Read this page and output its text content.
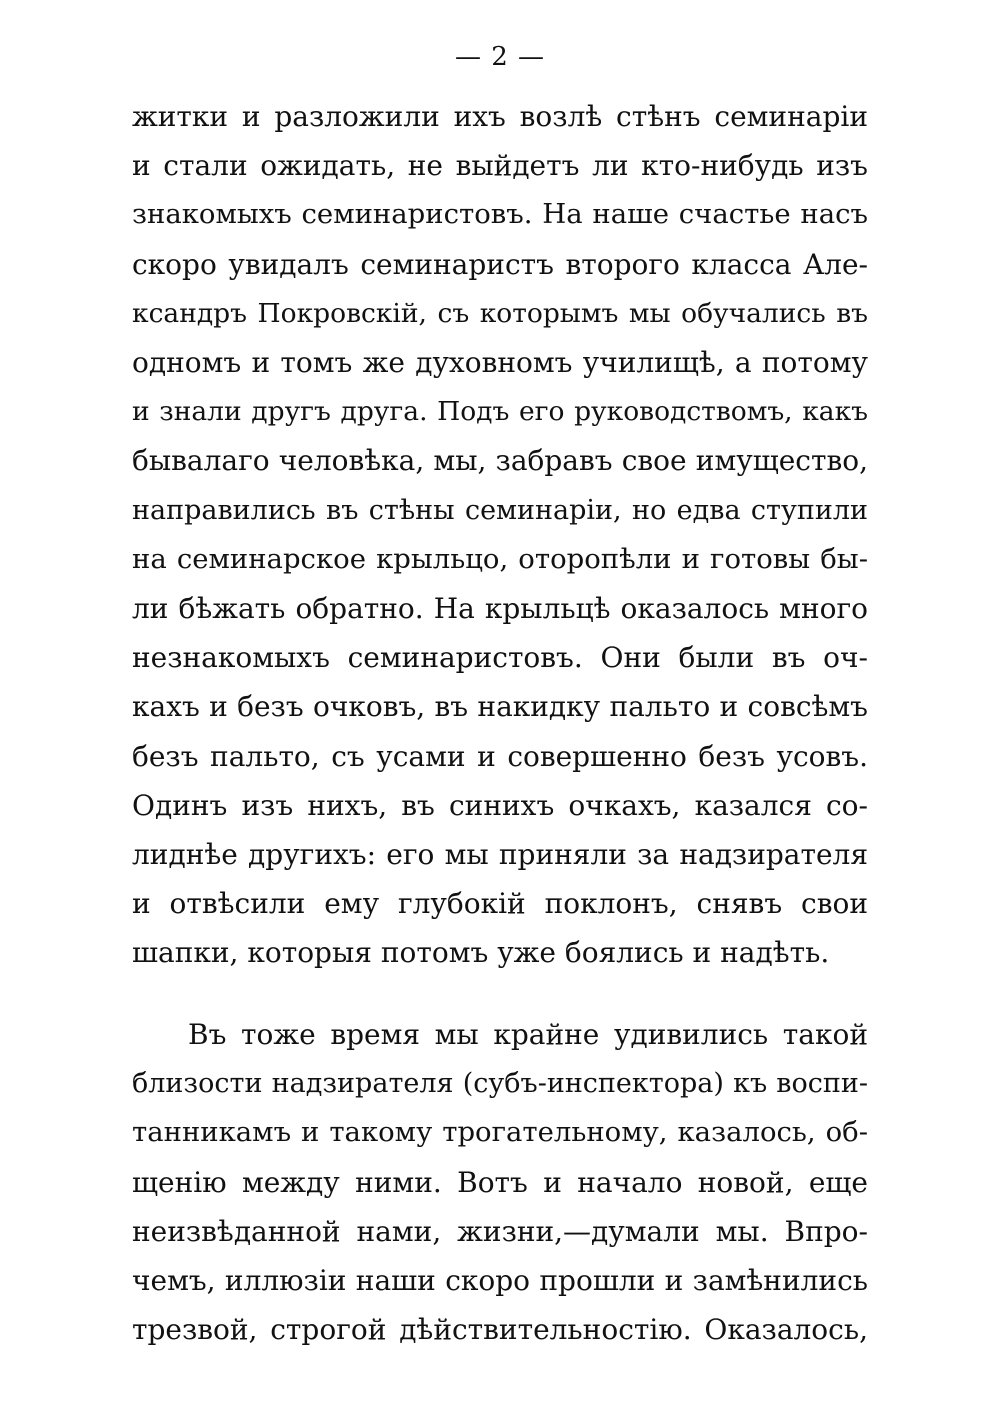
— 2 —
житки и разложили ихъ возлѣ стѣнъ семинаріи
и стали ожидать, не выйдетъ ли кто-нибудь изъ
знакомыхъ семинаристовъ. На наше счастье насъ
скоро увидалъ семинаристъ второго класса Але-
ксандръ Покровскій, съ которымъ мы обучались въ
одномъ и томъ же духовномъ училищѣ, а потому
и знали другъ друга. Подъ его руководствомъ, какъ
бывалаго человѣка, мы, забравъ свое имущество,
направились въ стѣны семинаріи, но едва ступили
на семинарское крыльцо, оторопѣли и готовы бы-
ли бѣжать обратно. На крыльцѣ оказалось много
незнакомыхъ семинаристовъ. Они были въ оч-
кахъ и безъ очковъ, въ накидку пальто и совсѣмъ
безъ пальто, съ усами и совершенно безъ усовъ.
Одинъ изъ нихъ, въ синихъ очкахъ, казался со-
лиднѣе другихъ: его мы приняли за надзирателя
и отвѣсили ему глубокій поклонъ, снявъ свои
шапки, которыя потомъ уже боялись и надѣть.
Въ тоже время мы крайне удивились такой
близости надзирателя (субъ-инспектора) къ воспи-
танникамъ и такому трогательному, казалось, об-
щенію между ними. Вотъ и начало новой, еще
неизвѣданной нами, жизни,—думали мы. Впро-
чемъ, иллюзіи наши скоро прошли и замѣнились
трезвой, строгой дѣйствительностію. Оказалось,
